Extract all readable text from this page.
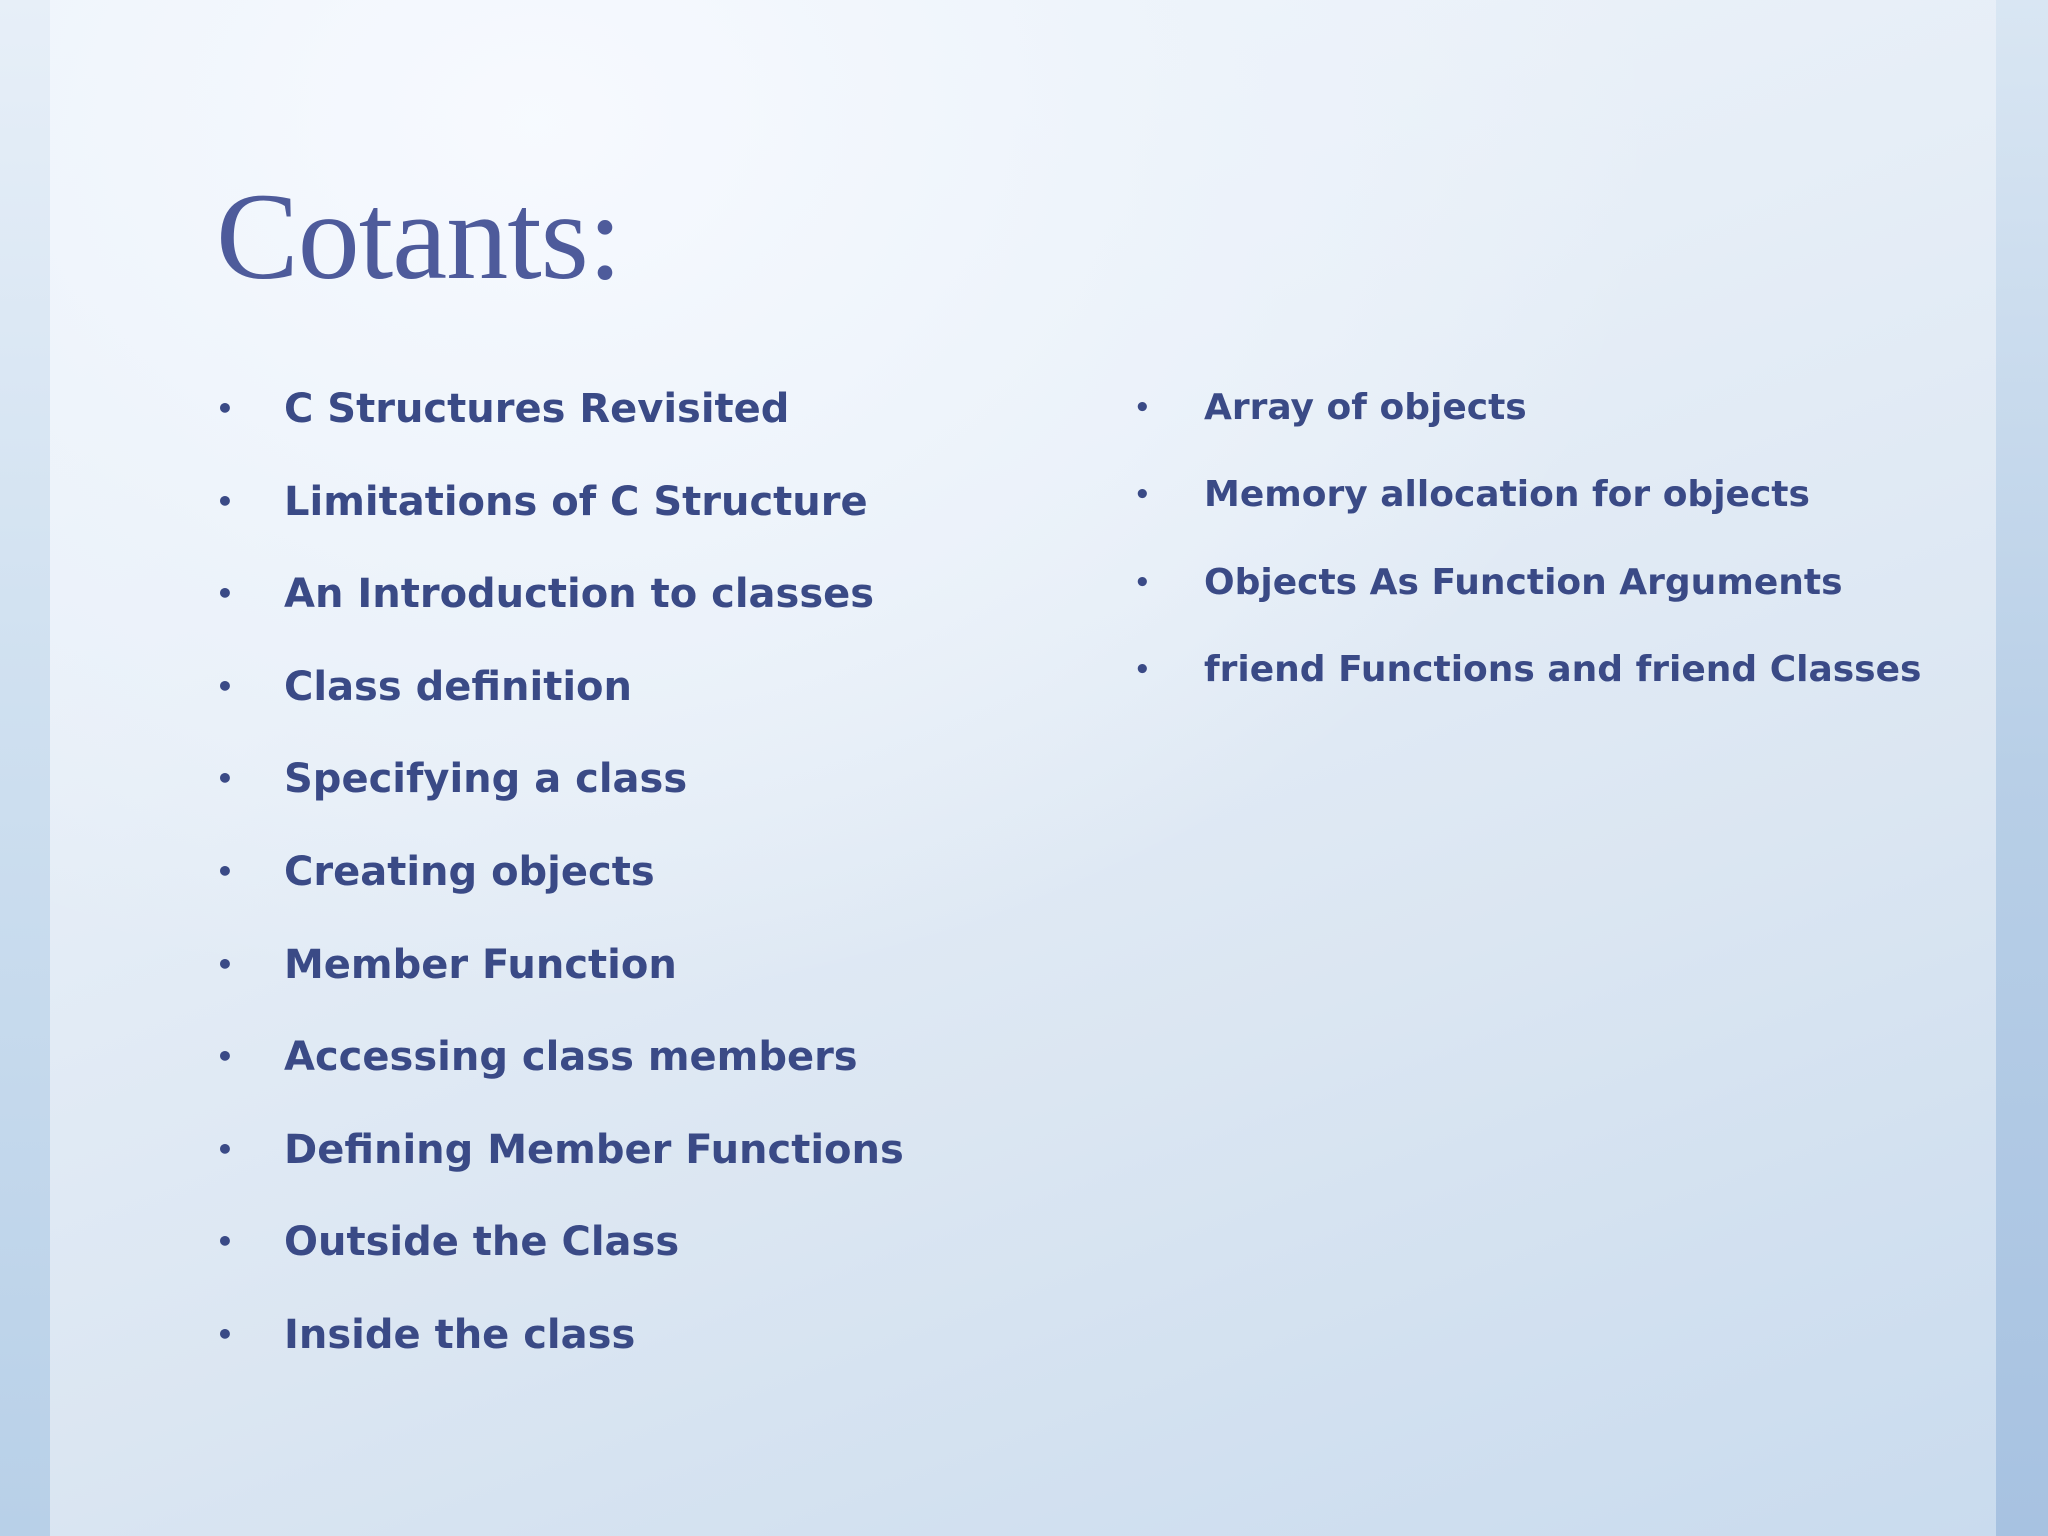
Cotants:
• C Structures Revisited
• Limitations of C Structure
• An Introduction to classes
• Class definition
• Specifying a class
• Creating objects
• Member Function
• Accessing class members
• Defining Member Functions
• Outside the Class
• Inside the class
• Array of objects
• Memory allocation for objects
• Objects As Function Arguments
• friend Functions and friend Classes
